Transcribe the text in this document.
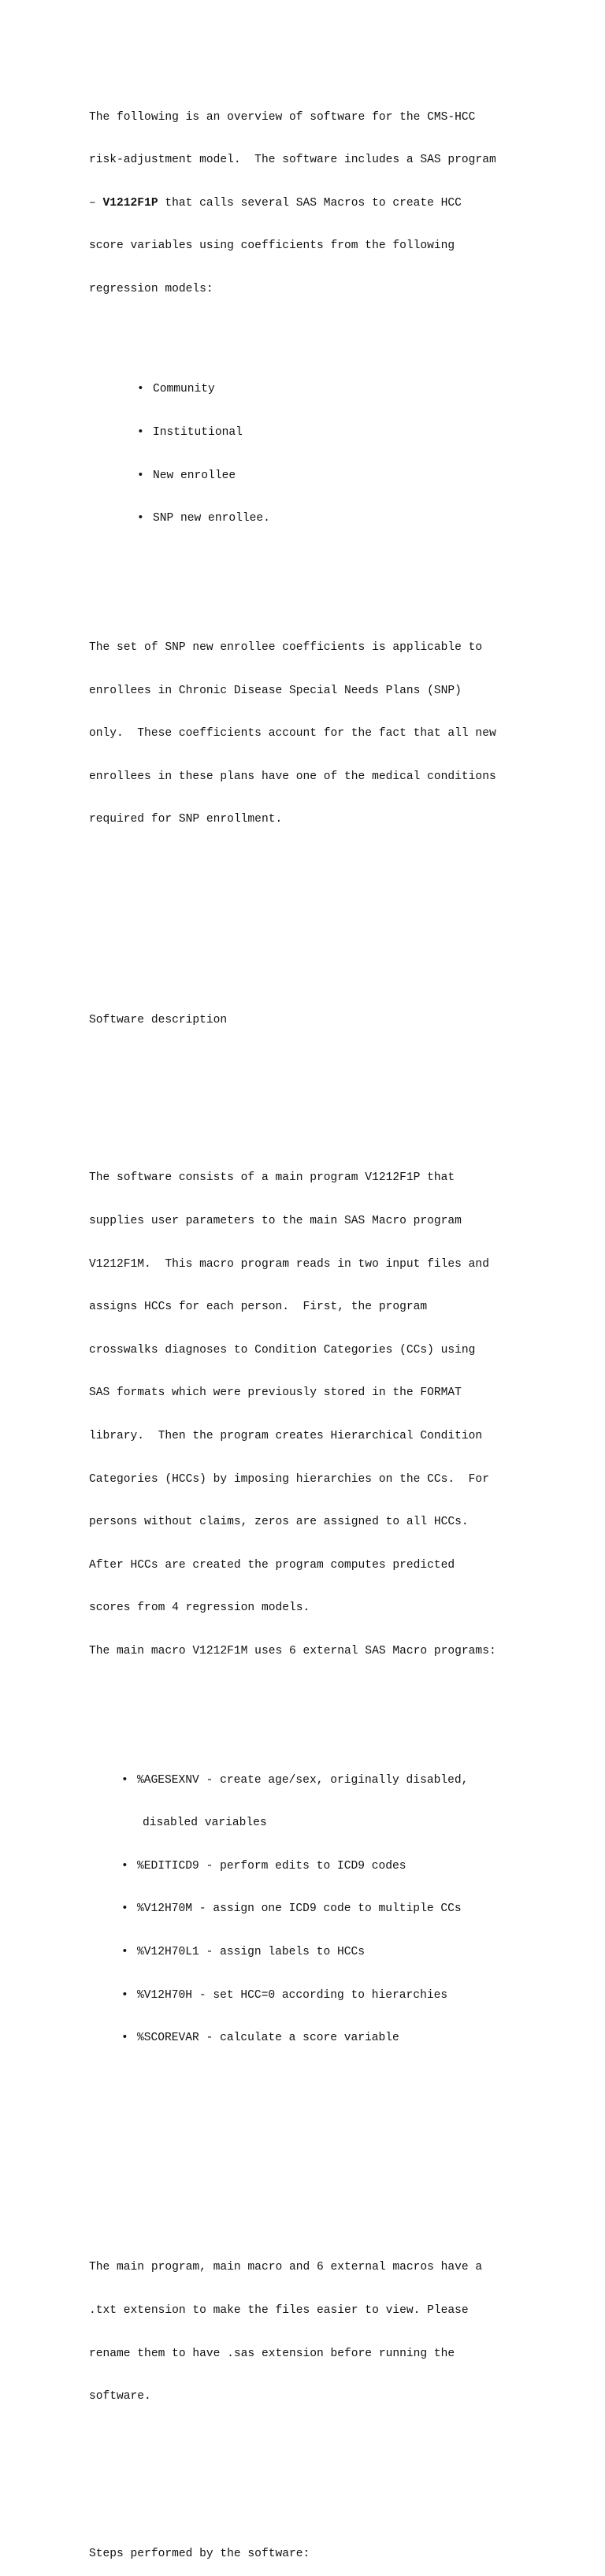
The following is an overview of software for the CMS-HCC

risk-adjustment model.  The software includes a SAS program

– V1212F1P that calls several SAS Macros to create HCC

score variables using coefficients from the following

regression models:

• Community

• Institutional

• New enrollee

• SNP new enrollee.

The set of SNP new enrollee coefficients is applicable to

enrollees in Chronic Disease Special Needs Plans (SNP)

only.  These coefficients account for the fact that all new

enrollees in these plans have one of the medical conditions

required for SNP enrollment.

Software description

The software consists of a main program V1212F1P that

supplies user parameters to the main SAS Macro program

V1212F1M.  This macro program reads in two input files and

assigns HCCs for each person.  First, the program

crosswalks diagnoses to Condition Categories (CCs) using

SAS formats which were previously stored in the FORMAT

library.  Then the program creates Hierarchical Condition

Categories (HCCs) by imposing hierarchies on the CCs.  For

persons without claims, zeros are assigned to all HCCs.

After HCCs are created the program computes predicted

scores from 4 regression models.

The main macro V1212F1M uses 6 external SAS Macro programs:

• %AGESEXNV - create age/sex, originally disabled,

disabled variables

• %EDITICD9 - perform edits to ICD9 codes

• %V12H70M - assign one ICD9 code to multiple CCs

• %V12H70L1 - assign labels to HCCs

• %V12H70H - set HCC=0 according to hierarchies

• %SCOREVAR - calculate a score variable

The main program, main macro and 6 external macros have a

.txt extension to make the files easier to view. Please

rename them to have .sas extension before running the

software.

Steps performed by the software:
